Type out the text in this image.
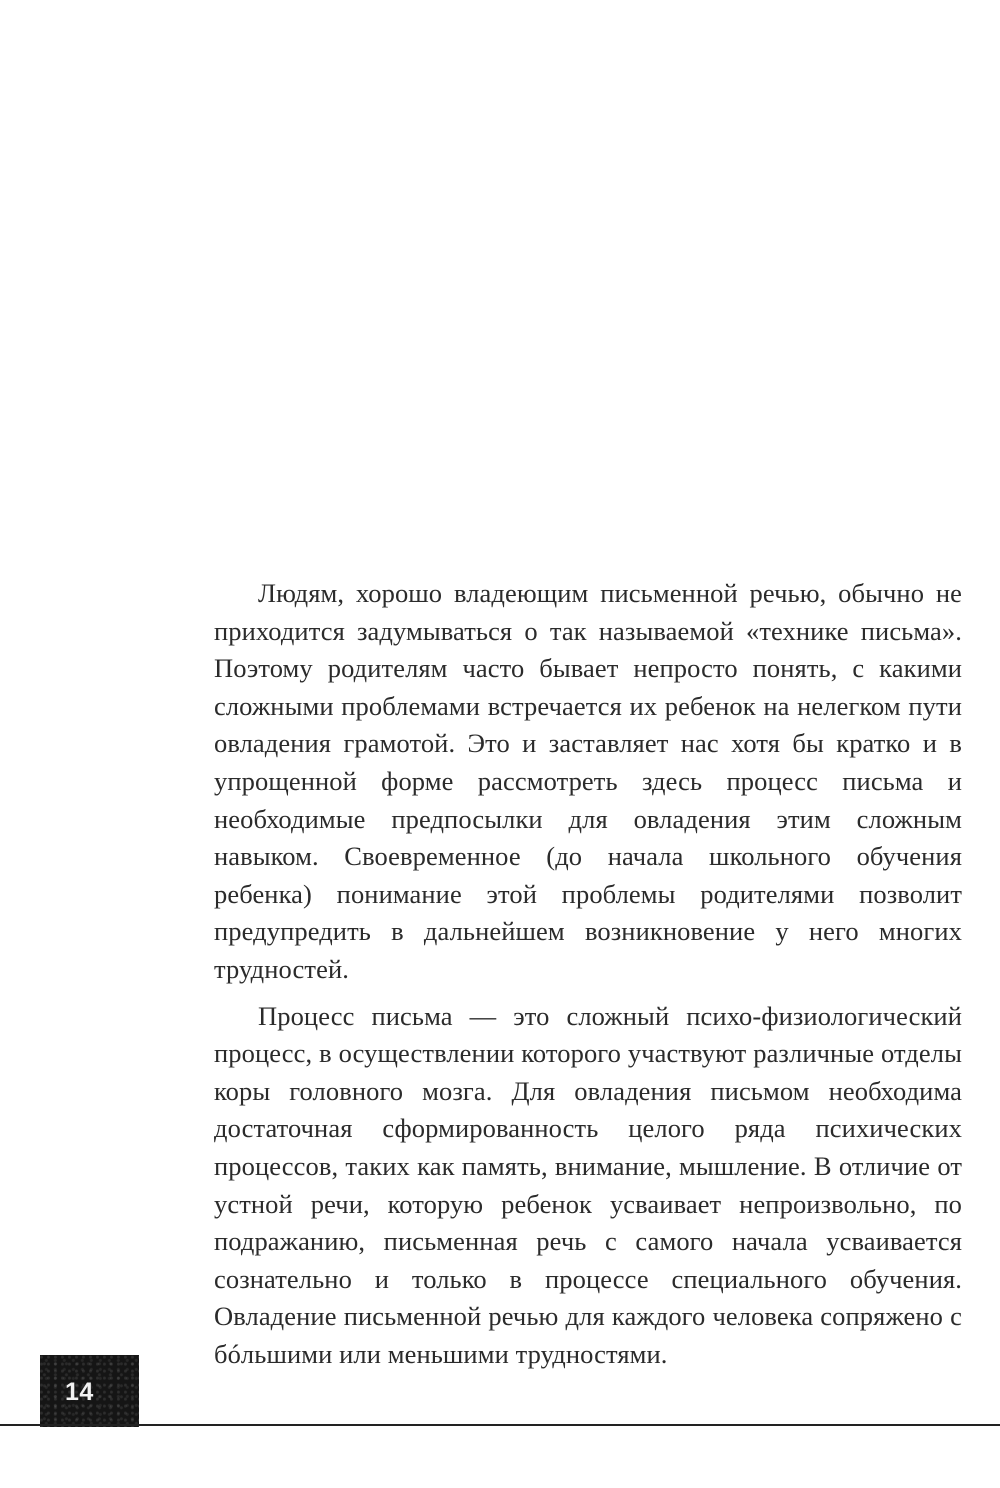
Людям, хорошо владеющим письменной речью, обычно не приходится задумываться о так называемой «технике письма». Поэтому родителям часто бывает непросто понять, с какими сложными проблемами встречается их ребенок на нелегком пути овладения грамотой. Это и заставляет нас хотя бы кратко и в упрощенной форме рассмотреть здесь процесс письма и необходимые предпосылки для овладения этим сложным навыком. Своевременное (до начала школьного обучения ребенка) понимание этой проблемы родителями позволит предупредить в дальнейшем возникновение у него многих трудностей.

Процесс письма — это сложный психо-физиологический процесс, в осуществлении которого участвуют различные отделы коры головного мозга. Для овладения письмом необходима достаточная сформированность целого ряда психических процессов, таких как память, внимание, мышление. В отличие от устной речи, которую ребенок усваивает непроизвольно, по подражанию, письменная речь с самого начала усваивается сознательно и только в процессе специального обучения. Овладение письменной речью для каждого человека сопряжено с бóльшими или меньшими трудностями.

14
